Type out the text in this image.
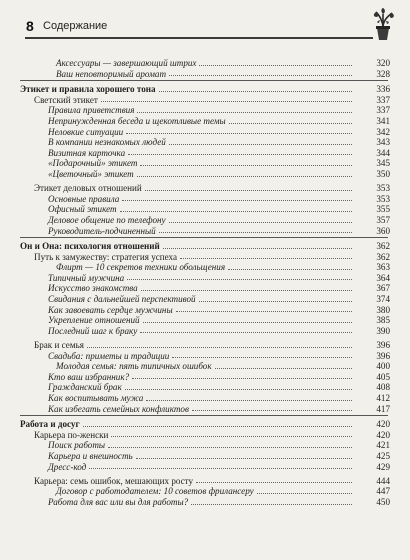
8 Содержание
Аксессуары — завершающий штрих	320
Ваш неповторимый аромат	328
Этикет и правила хорошего тона	336
Светский этикет	337
Правила приветствия	337
Непринужденная беседа и щекотливые темы	341
Неловкие ситуации	342
В компании незнакомых людей	343
Визитная карточка	344
«Подарочный» этикет	345
«Цветочный» этикет	350
Этикет деловых отношений	353
Основные правила	353
Офисный этикет	355
Деловое общение по телефону	357
Руководитель-подчиненный	360
Он и Она: психология отношений	362
Путь к замужеству: стратегия успеха	362
Флирт — 10 секретов техники обольщения	363
Типичный мужчина	364
Искусство знакомства	367
Свидания с дальнейшей перспективой	374
Как завоевать сердце мужчины	380
Укрепление отношений	385
Последний шаг к браку	390
Брак и семья	396
Свадьба: приметы и традиции	396
Молодая семья: пять типичных ошибок	400
Кто ваш избранник?	405
Гражданский брак	408
Как воспитывать мужа	412
Как избегать семейных конфликтов	417
Работа и досуг	420
Карьера по-женски	420
Поиск работы	421
Карьера и внешность	425
Дресс-код	429
Карьера: семь ошибок, мешающих росту	444
Договор с работодателем: 10 советов фрилансеру	447
Работа для вас или вы для работы?	450
